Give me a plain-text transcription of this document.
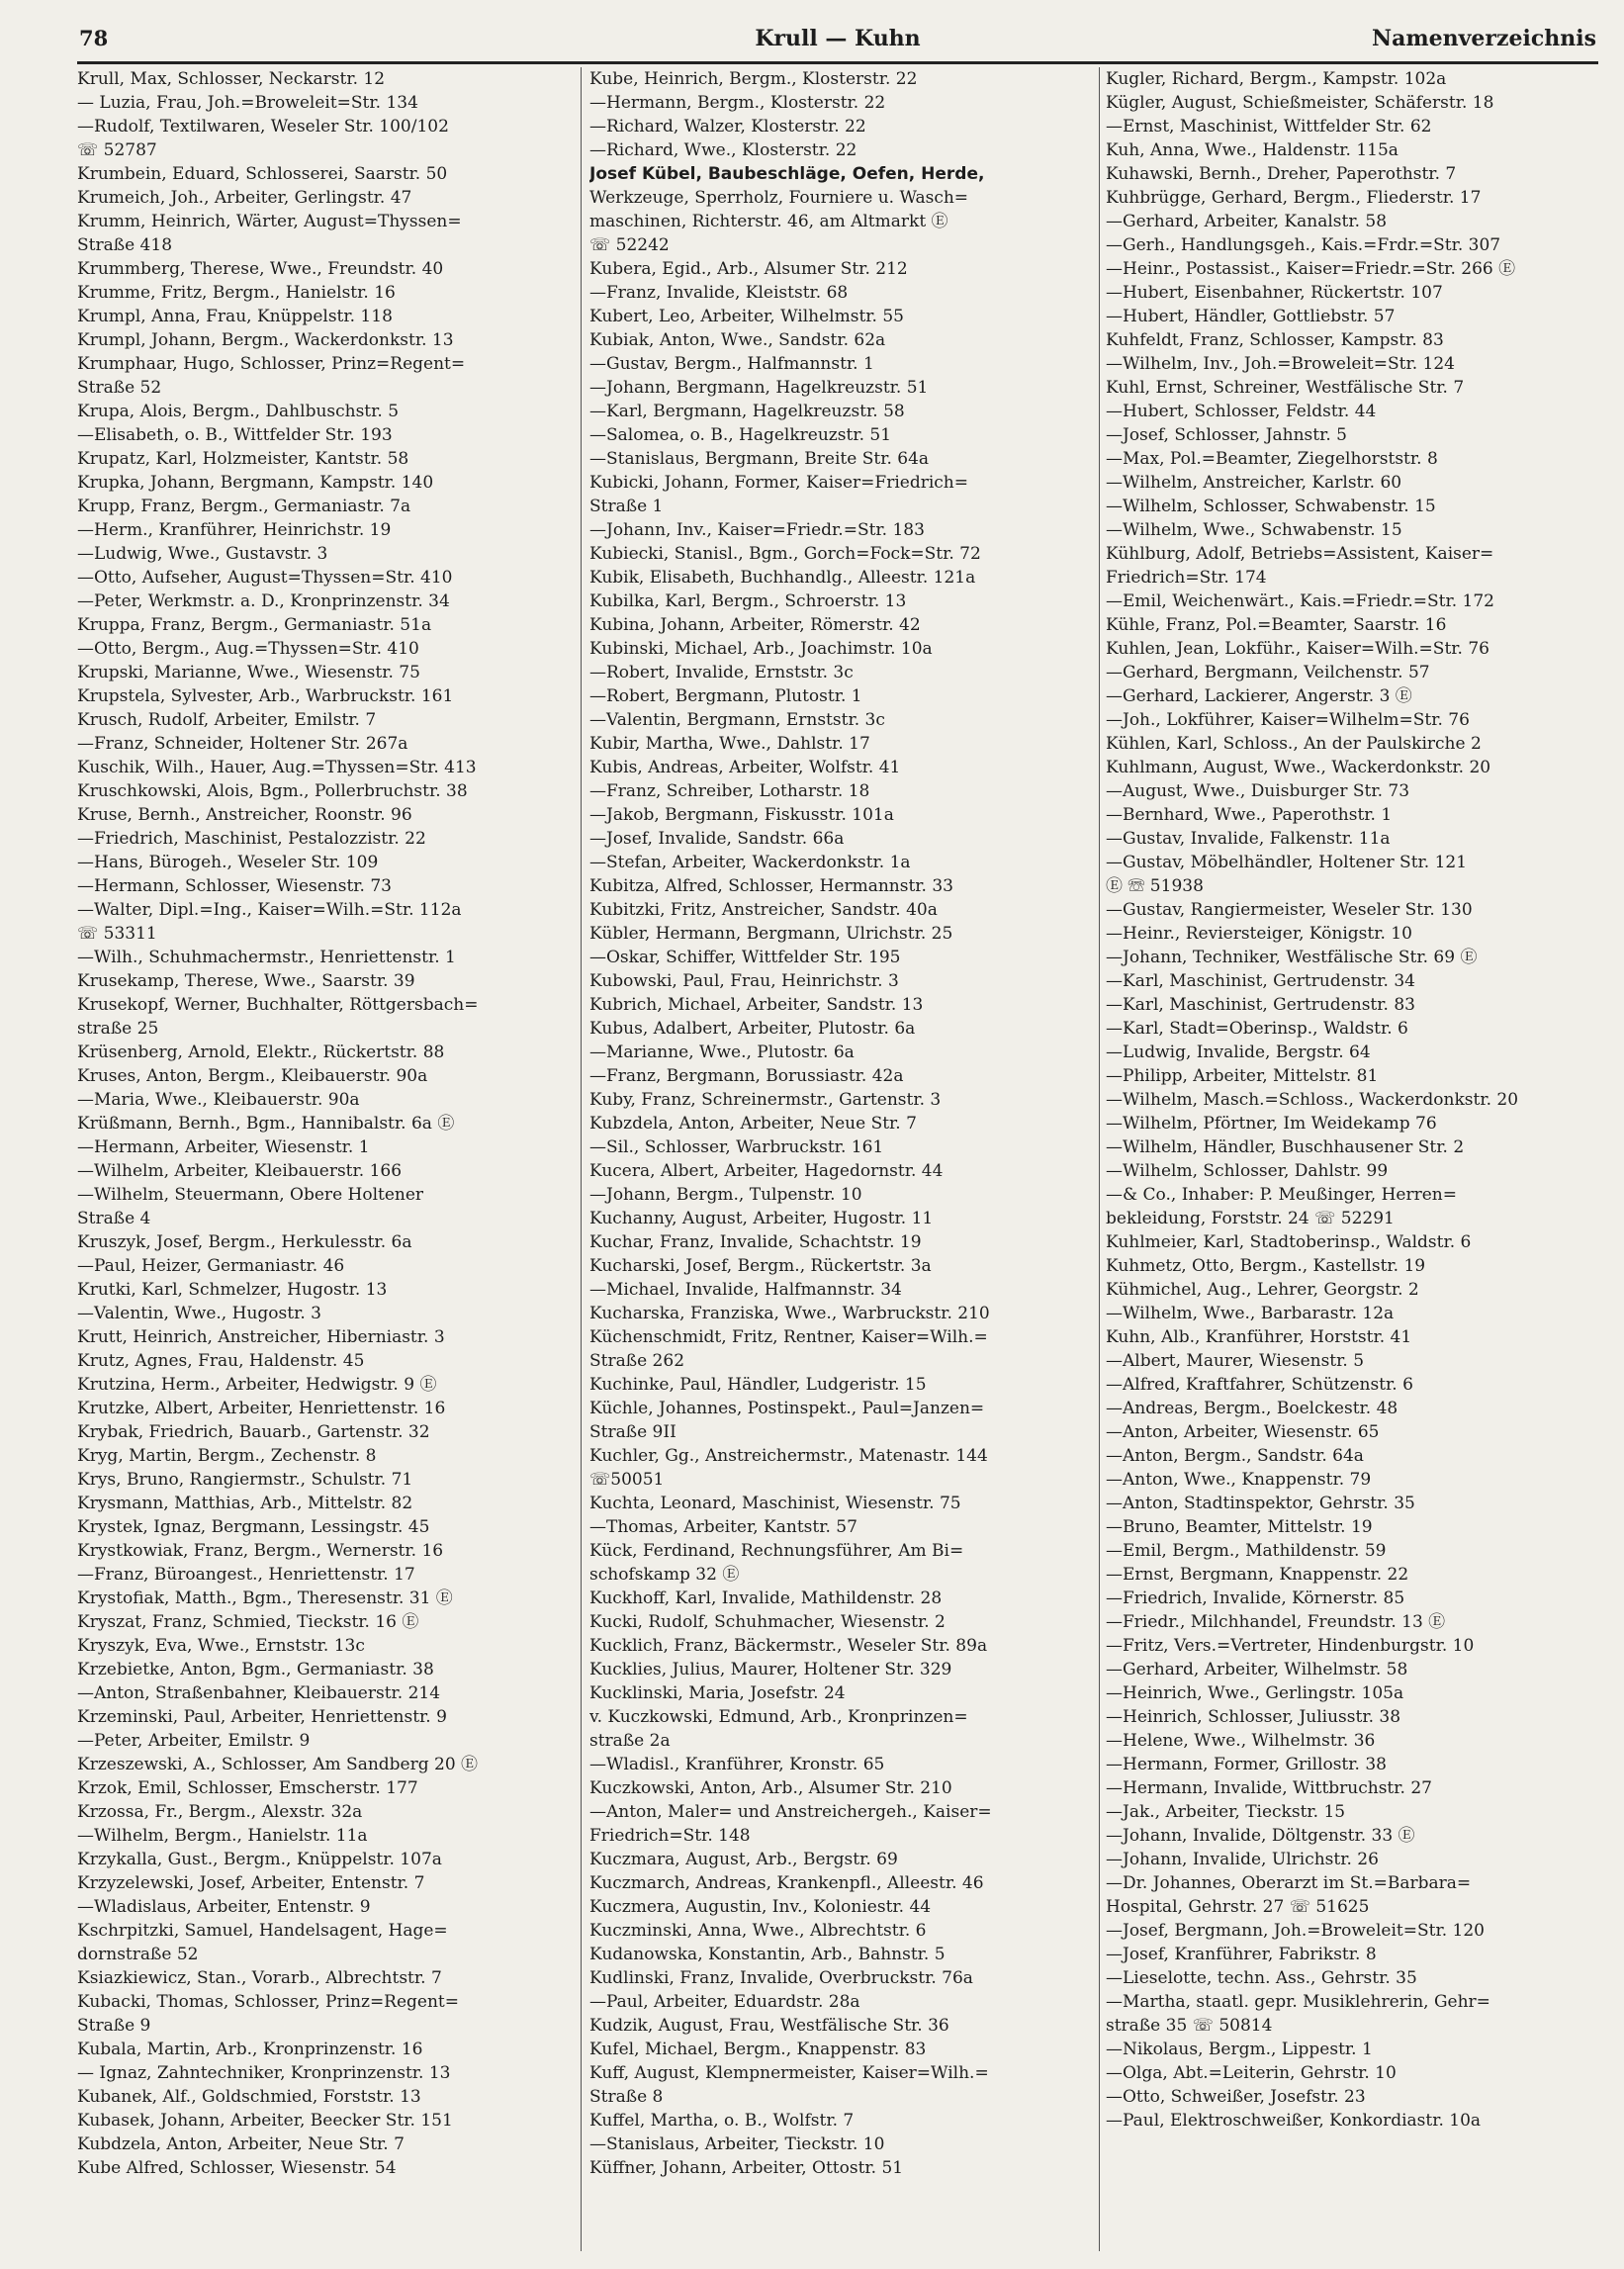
78	Krull — Kuhn	Namenverzeichnis
Krull, Max, Schlosser, Neckarstr. 12
— Luzia, Frau, Joh.=Broweleit=Str. 134
—Rudolf, Textilwaren, Weseler Str. 100/102
☏ 52787
Krumbein, Eduard, Schlosserei, Saarstr. 50
Krumeich, Joh., Arbeiter, Gerlingstr. 47
Krumm, Heinrich, Wärter, August=Thyssen=
Straße 418
Krummberg, Therese, Wwe., Freundstr. 40
Krumme, Fritz, Bergm., Hanielstr. 16
Krumpl, Anna, Frau, Knüppelstr. 118
Krumpl, Johann, Bergm., Wackerdonkstr. 13
Krumphaar, Hugo, Schlosser, Prinz=Regent=
Straße 52
Krupa, Alois, Bergm., Dahlbuschstr. 5
—Elisabeth, o. B., Wittfelder Str. 193
Krupatz, Karl, Holzmeister, Kantstr. 58
Krupka, Johann, Bergmann, Kampstr. 140
Krupp, Franz, Bergm., Germaniastr. 7a
—Herm., Kranführer, Heinrichstr. 19
—Ludwig, Wwe., Gustavstr. 3
—Otto, Aufseher, August=Thyssen=Str. 410
—Peter, Werkmstr. a. D., Kronprinzenstr. 34
Kruppa, Franz, Bergm., Germaniastr. 51a
—Otto, Bergm., Aug.=Thyssen=Str. 410
Krupski, Marianne, Wwe., Wiesenstr. 75
Krupstela, Sylvester, Arb., Warbruckstr. 161
Krusch, Rudolf, Arbeiter, Emilstr. 7
—Franz, Schneider, Holtener Str. 267a
Kuschik, Wilh., Hauer, Aug.=Thyssen=Str. 413
Kruschkowski, Alois, Bgm., Pollerbruchstr. 38
Kruse, Bernh., Anstreicher, Roonstr. 96
—Friedrich, Maschinist, Pestalozzistr. 22
—Hans, Bürogeh., Weseler Str. 109
—Hermann, Schlosser, Wiesenstr. 73
—Walter, Dipl.=Ing., Kaiser=Wilh.=Str. 112a
☏ 53311
—Wilh., Schuhmachermstr., Henriettenstr. 1
Krusekamp, Therese, Wwe., Saarstr. 39
Krusekopf, Werner, Buchhalter, Röttgersbach=
straße 25
Krüsenberg, Arnold, Elektr., Rückertstr. 88
Kruses, Anton, Bergm., Kleibauerstr. 90a
—Maria, Wwe., Kleibauerstr. 90a
Krüßmann, Bernh., Bgm., Hannibalstr. 6a Ⓔ
—Hermann, Arbeiter, Wiesenstr. 1
—Wilhelm, Arbeiter, Kleibauerstr. 166
—Wilhelm, Steuermann, Obere Holtener
Straße 4
Kruszyk, Josef, Bergm., Herkulesstr. 6a
—Paul, Heizer, Germaniastr. 46
Krutki, Karl, Schmelzer, Hugostr. 13
—Valentin, Wwe., Hugostr. 3
Krutt, Heinrich, Anstreicher, Hiberniastr. 3
Krutz, Agnes, Frau, Haldenstr. 45
Krutzina, Herm., Arbeiter, Hedwigstr. 9 Ⓔ
Krutzke, Albert, Arbeiter, Henriettenstr. 16
Krybak, Friedrich, Bauarb., Gartenstr. 32
Kryg, Martin, Bergm., Zechenstr. 8
Krys, Bruno, Rangiermstr., Schulstr. 71
Krysmann, Matthias, Arb., Mittelstr. 82
Krystek, Ignaz, Bergmann, Lessingstr. 45
Krystkowiak, Franz, Bergm., Wernerstr. 16
—Franz, Büroangest., Henriettenstr. 17
Krystofiak, Matth., Bgm., Theresenstr. 31 Ⓔ
Kryszat, Franz, Schmied, Tieckstr. 16 Ⓔ
Kryszyk, Eva, Wwe., Ernststr. 13c
Krzebietke, Anton, Bgm., Germaniastr. 38
—Anton, Straßenbahner, Kleibauerstr. 214
Krzeminski, Paul, Arbeiter, Henriettenstr. 9
—Peter, Arbeiter, Emilstr. 9
Krzeszewski, A., Schlosser, Am Sandberg 20 Ⓔ
Krzok, Emil, Schlosser, Emscherstr. 177
Krzossa, Fr., Bergm., Alexstr. 32a
—Wilhelm, Bergm., Hanielstr. 11a
Krzykalla, Gust., Bergm., Knüppelstr. 107a
Krzyzelewski, Josef, Arbeiter, Entenstr. 7
—Wladislaus, Arbeiter, Entenstr. 9
Kschrpitzki, Samuel, Handelsagent, Hage=
dornstraße 52
Ksiazkiewicz, Stan., Vorarb., Albrechtstr. 7
Kubacki, Thomas, Schlosser, Prinz=Regent=
Straße 9
Kubala, Martin, Arb., Kronprinzenstr. 16
— Ignaz, Zahntechniker, Kronprinzenstr. 13
Kubanek, Alf., Goldschmied, Forststr. 13
Kubasek, Johann, Arbeiter, Beecker Str. 151
Kubdzela, Anton, Arbeiter, Neue Str. 7
Kube Alfred, Schlosser, Wiesenstr. 54
Kube, Heinrich, Bergm., Klosterstr. 22
—Hermann, Bergm., Klosterstr. 22
—Richard, Walzer, Klosterstr. 22
—Richard, Wwe., Klosterstr. 22
Josef Kübel, Baubeschläge, Oefen, Herde,
Werkzeuge, Sperrholz, Fourniere u. Wasch=
maschinen, Richterstr. 46, am Altmarkt Ⓔ
☏ 52242
Kubera, Egid., Arb., Alsumer Str. 212
—Franz, Invalide, Kleiststr. 68
Kubert, Leo, Arbeiter, Wilhelmstr. 55
Kubiak, Anton, Wwe., Sandstr. 62a
—Gustav, Bergm., Halfmannstr. 1
—Johann, Bergmann, Hagelkreuzstr. 51
—Karl, Bergmann, Hagelkreuzstr. 58
—Salomea, o. B., Hagelkreuzstr. 51
—Stanislaus, Bergmann, Breite Str. 64a
Kubicki, Johann, Former, Kaiser=Friedrich=
Straße 1
—Johann, Inv., Kaiser=Friedr.=Str. 183
Kubiecki, Stanisl., Bgm., Gorch=Fock=Str. 72
Kubik, Elisabeth, Buchhandlg., Alleestr. 121a
Kubilka, Karl, Bergm., Schroerstr. 13
Kubina, Johann, Arbeiter, Römerstr. 42
Kubinski, Michael, Arb., Joachimstr. 10a
—Robert, Invalide, Ernststr. 3c
—Robert, Bergmann, Plutostr. 1
—Valentin, Bergmann, Ernststr. 3c
Kubir, Martha, Wwe., Dahlstr. 17
Kubis, Andreas, Arbeiter, Wolfstr. 41
—Franz, Schreiber, Lotharstr. 18
—Jakob, Bergmann, Fiskusstr. 101a
—Josef, Invalide, Sandstr. 66a
—Stefan, Arbeiter, Wackerdonkstr. 1a
Kubitza, Alfred, Schlosser, Hermannstr. 33
Kubitzki, Fritz, Anstreicher, Sandstr. 40a
Kübler, Hermann, Bergmann, Ulrichstr. 25
—Oskar, Schiffer, Wittfelder Str. 195
Kubowski, Paul, Frau, Heinrichstr. 3
Kubrich, Michael, Arbeiter, Sandstr. 13
Kubus, Adalbert, Arbeiter, Plutostr. 6a
—Marianne, Wwe., Plutostr. 6a
—Franz, Bergmann, Borussiastr. 42a
Kuby, Franz, Schreinermstr., Gartenstr. 3
Kubzdela, Anton, Arbeiter, Neue Str. 7
—Sil., Schlosser, Warbruckstr. 161
Kucera, Albert, Arbeiter, Hagedornstr. 44
—Johann, Bergm., Tulpenstr. 10
Kuchanny, August, Arbeiter, Hugostr. 11
Kuchar, Franz, Invalide, Schachtstr. 19
Kucharski, Josef, Bergm., Rückertstr. 3a
—Michael, Invalide, Halfmannstr. 34
Kucharska, Franziska, Wwe., Warbruckstr. 210
Küchenschmidt, Fritz, Rentner, Kaiser=Wilh.=
Straße 262
Kuchinke, Paul, Händler, Ludgeristr. 15
Küchle, Johannes, Postinspekt., Paul=Janzen=
Straße 9II
Kuchler, Gg., Anstreichermstr., Matenastr. 144
☏50051
Kuchta, Leonard, Maschinist, Wiesenstr. 75
—Thomas, Arbeiter, Kantstr. 57
Kück, Ferdinand, Rechnungsführer, Am Bi=
schofskamp 32 Ⓔ
Kuckhoff, Karl, Invalide, Mathildenstr. 28
Kucki, Rudolf, Schuhmacher, Wiesenstr. 2
Kucklich, Franz, Bäckermstr., Weseler Str. 89a
Kucklies, Julius, Maurer, Holtener Str. 329
Kucklinski, Maria, Josefstr. 24
v. Kuczkowski, Edmund, Arb., Kronprinzen=
straße 2a
—Wladisl., Kranführer, Kronstr. 65
Kuczkowski, Anton, Arb., Alsumer Str. 210
—Anton, Maler= und Anstreichergeh., Kaiser=
Friedrich=Str. 148
Kuczmara, August, Arb., Bergstr. 69
Kuczmarch, Andreas, Krankenpfl., Alleestr. 46
Kuczmera, Augustin, Inv., Koloniestr. 44
Kuczminski, Anna, Wwe., Albrechtstr. 6
Kudanowska, Konstantin, Arb., Bahnstr. 5
Kudlinski, Franz, Invalide, Overbruckstr. 76a
—Paul, Arbeiter, Eduardstr. 28a
Kudzik, August, Frau, Westfälische Str. 36
Kufel, Michael, Bergm., Knappenstr. 83
Kuff, August, Klempnermeister, Kaiser=Wilh.=
Straße 8
Kuffel, Martha, o. B., Wolfstr. 7
—Stanislaus, Arbeiter, Tieckstr. 10
Küffner, Johann, Arbeiter, Ottostr. 51
Kugler, Richard, Bergm., Kampstr. 102a
Kügler, August, Schießmeister, Schäferstr. 18
—Ernst, Maschinist, Wittfelder Str. 62
Kuh, Anna, Wwe., Haldenstr. 115a
Kuhawski, Bernh., Dreher, Paperothstr. 7
Kuhbrügge, Gerhard, Bergm., Fliederstr. 17
—Gerhard, Arbeiter, Kanalstr. 58
—Gerh., Handlungsgeh., Kais.=Frdr.=Str. 307
—Heinr., Postassist., Kaiser=Friedr.=Str. 266 Ⓔ
—Hubert, Eisenbahner, Rückertstr. 107
—Hubert, Händler, Gottliebstr. 57
Kuhfeldt, Franz, Schlosser, Kampstr. 83
—Wilhelm, Inv., Joh.=Broweleit=Str. 124
Kuhl, Ernst, Schreiner, Westfälische Str. 7
—Hubert, Schlosser, Feldstr. 44
—Josef, Schlosser, Jahnstr. 5
—Max, Pol.=Beamter, Ziegelhorststr. 8
—Wilhelm, Anstreicher, Karlstr. 60
—Wilhelm, Schlosser, Schwabenstr. 15
—Wilhelm, Wwe., Schwabenstr. 15
Kühlburg, Adolf, Betriebs=Assistent, Kaiser=
Friedrich=Str. 174
—Emil, Weichenwärt., Kais.=Friedr.=Str. 172
Kühle, Franz, Pol.=Beamter, Saarstr. 16
Kuhlen, Jean, Lokführ., Kaiser=Wilh.=Str. 76
—Gerhard, Bergmann, Veilchenstr. 57
—Gerhard, Lackierer, Angerstr. 3 Ⓔ
—Joh., Lokführer, Kaiser=Wilhelm=Str. 76
Kühlen, Karl, Schloss., An der Paulskirche 2
Kuhlmann, August, Wwe., Wackerdonkstr. 20
—August, Wwe., Duisburger Str. 73
—Bernhard, Wwe., Paperothstr. 1
—Gustav, Invalide, Falkenstr. 11a
—Gustav, Möbelhändler, Holtener Str. 121
Ⓔ ☏ 51938
—Gustav, Rangiermeister, Weseler Str. 130
—Heinr., Reviersteiger, Königstr. 10
—Johann, Techniker, Westfälische Str. 69 Ⓔ
—Karl, Maschinist, Gertrudenstr. 34
—Karl, Maschinist, Gertrudenstr. 83
—Karl, Stadt=Oberinsp., Waldstr. 6
—Ludwig, Invalide, Bergstr. 64
—Philipp, Arbeiter, Mittelstr. 81
—Wilhelm, Masch.=Schloss., Wackerdonkstr. 20
—Wilhelm, Pförtner, Im Weidekamp 76
—Wilhelm, Händler, Buschhausener Str. 2
—Wilhelm, Schlosser, Dahlstr. 99
—& Co., Inhaber: P. Meußinger, Herren=
bekleidung, Forststr. 24 ☏ 52291
Kuhlmeier, Karl, Stadtoberinsp., Waldstr. 6
Kuhmetz, Otto, Bergm., Kastellstr. 19
Kühmichel, Aug., Lehrer, Georgstr. 2
—Wilhelm, Wwe., Barbarastr. 12a
Kuhn, Alb., Kranführer, Horststr. 41
—Albert, Maurer, Wiesenstr. 5
—Alfred, Kraftfahrer, Schützenstr. 6
—Andreas, Bergm., Boelckestr. 48
—Anton, Arbeiter, Wiesenstr. 65
—Anton, Bergm., Sandstr. 64a
—Anton, Wwe., Knappenstr. 79
—Anton, Stadtinspektor, Gehrstr. 35
—Bruno, Beamter, Mittelstr. 19
—Emil, Bergm., Mathildenstr. 59
—Ernst, Bergmann, Knappenstr. 22
—Friedrich, Invalide, Körnerstr. 85
—Friedr., Milchhandel, Freundstr. 13 Ⓔ
—Fritz, Vers.=Vertreter, Hindenburgstr. 10
—Gerhard, Arbeiter, Wilhelmstr. 58
—Heinrich, Wwe., Gerlingstr. 105a
—Heinrich, Schlosser, Juliusstr. 38
—Helene, Wwe., Wilhelmstr. 36
—Hermann, Former, Grillostr. 38
—Hermann, Invalide, Wittbruchstr. 27
—Jak., Arbeiter, Tieckstr. 15
—Johann, Invalide, Döltgenstr. 33 Ⓔ
—Johann, Invalide, Ulrichstr. 26
—Dr. Johannes, Oberarzt im St.=Barbara=
Hospital, Gehrstr. 27 ☏ 51625
—Josef, Bergmann, Joh.=Broweleit=Str. 120
—Josef, Kranführer, Fabrikstr. 8
—Lieselotte, techn. Ass., Gehrstr. 35
—Martha, staatl. gepr. Musiklehrerin, Gehr=
straße 35 ☏ 50814
—Nikolaus, Bergm., Lippestr. 1
—Olga, Abt.=Leiterin, Gehrstr. 10
—Otto, Schweißer, Josefstr. 23
—Paul, Elektroschweißer, Konkordiastr. 10a
